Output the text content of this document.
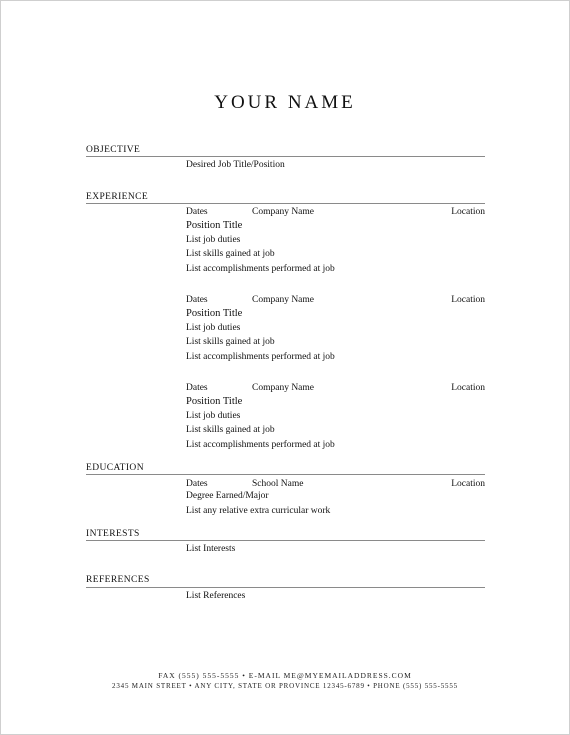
YOUR NAME
OBJECTIVE
Desired Job Title/Position
EXPERIENCE
Dates	Company Name	Location
Position Title
List job duties
List skills gained at job
List accomplishments performed at job
Dates	Company Name	Location
Position Title
List job duties
List skills gained at job
List accomplishments performed at job
Dates	Company Name	Location
Position Title
List job duties
List skills gained at job
List accomplishments performed at job
EDUCATION
Dates	School Name	Location
Degree Earned/Major
List any relative extra curricular work
INTERESTS
List Interests
REFERENCES
List References
FAX (555) 555-5555 • E-MAIL ME@MYEMAILADDRESS.COM
2345 MAIN STREET • ANY CITY, STATE OR PROVINCE 12345-6789 • PHONE (555) 555-5555
